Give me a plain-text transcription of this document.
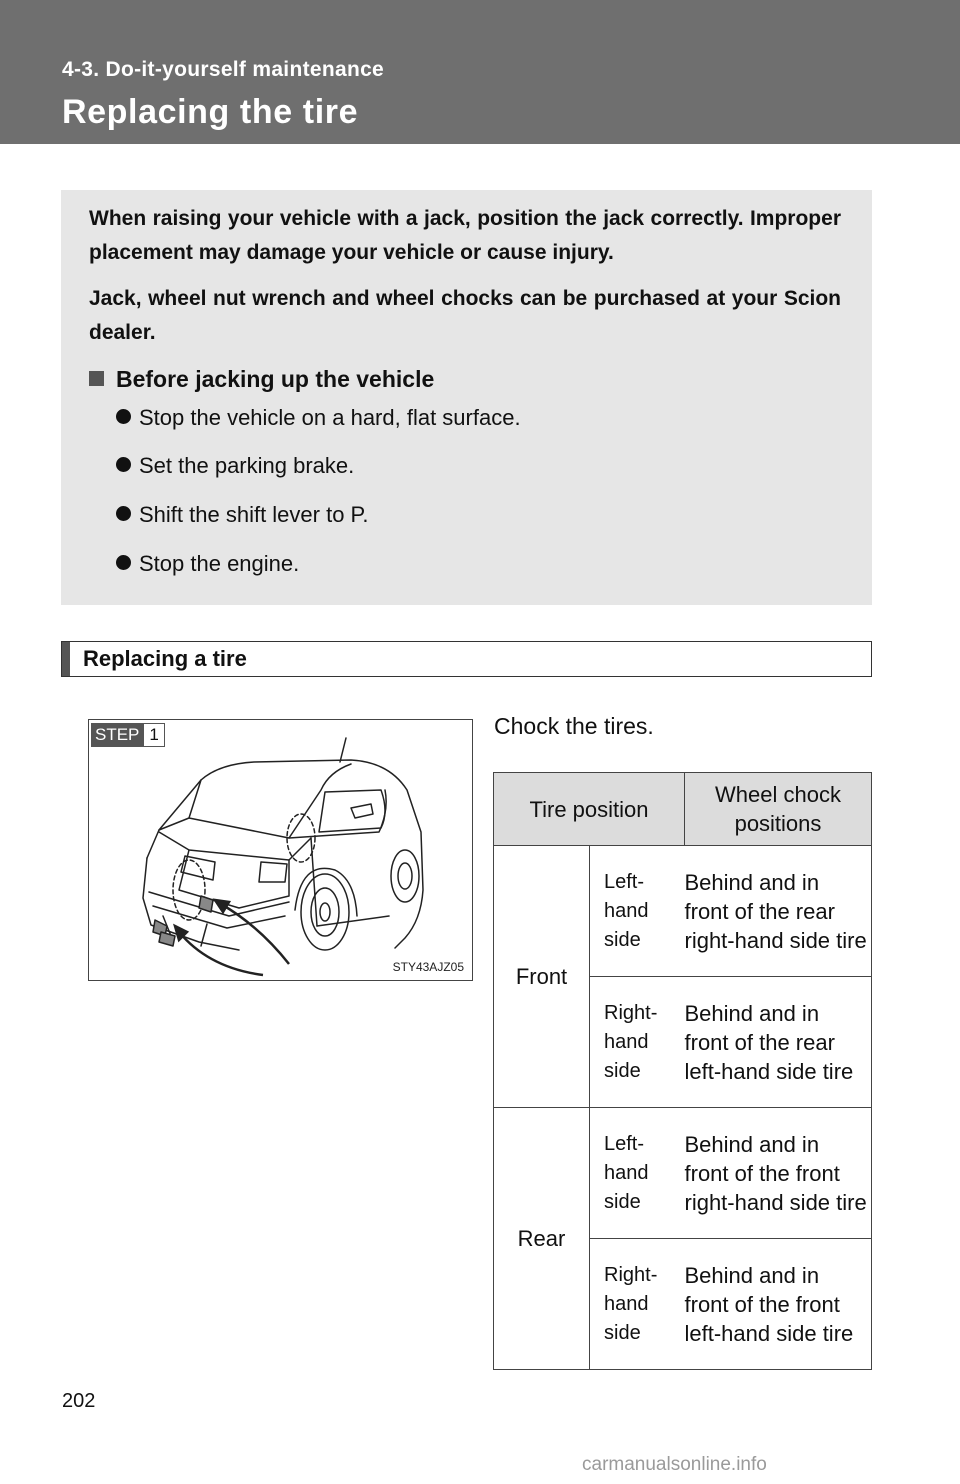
4-3. Do-it-yourself maintenance
Replacing the tire

When raising your vehicle with a jack, position the jack correctly. Improper placement may damage your vehicle or cause injury.

Jack, wheel nut wrench and wheel chocks can be purchased at your Scion dealer.

Before jacking up the vehicle
Stop the vehicle on a hard, flat surface.
Set the parking brake.
Shift the shift lever to P.
Stop the engine.
Replacing a tire
STEP 1
STY43AJZ05
Chock the tires.
Tire position		Wheel chock positions
Front	Left-hand side	Behind and in front of the rear right-hand side tire
	Right-hand side	Behind and in front of the rear left-hand side tire
Rear	Left-hand side	Behind and in front of the front right-hand side tire
	Right-hand side	Behind and in front of the front left-hand side tire
202
carmanualsonline.info
